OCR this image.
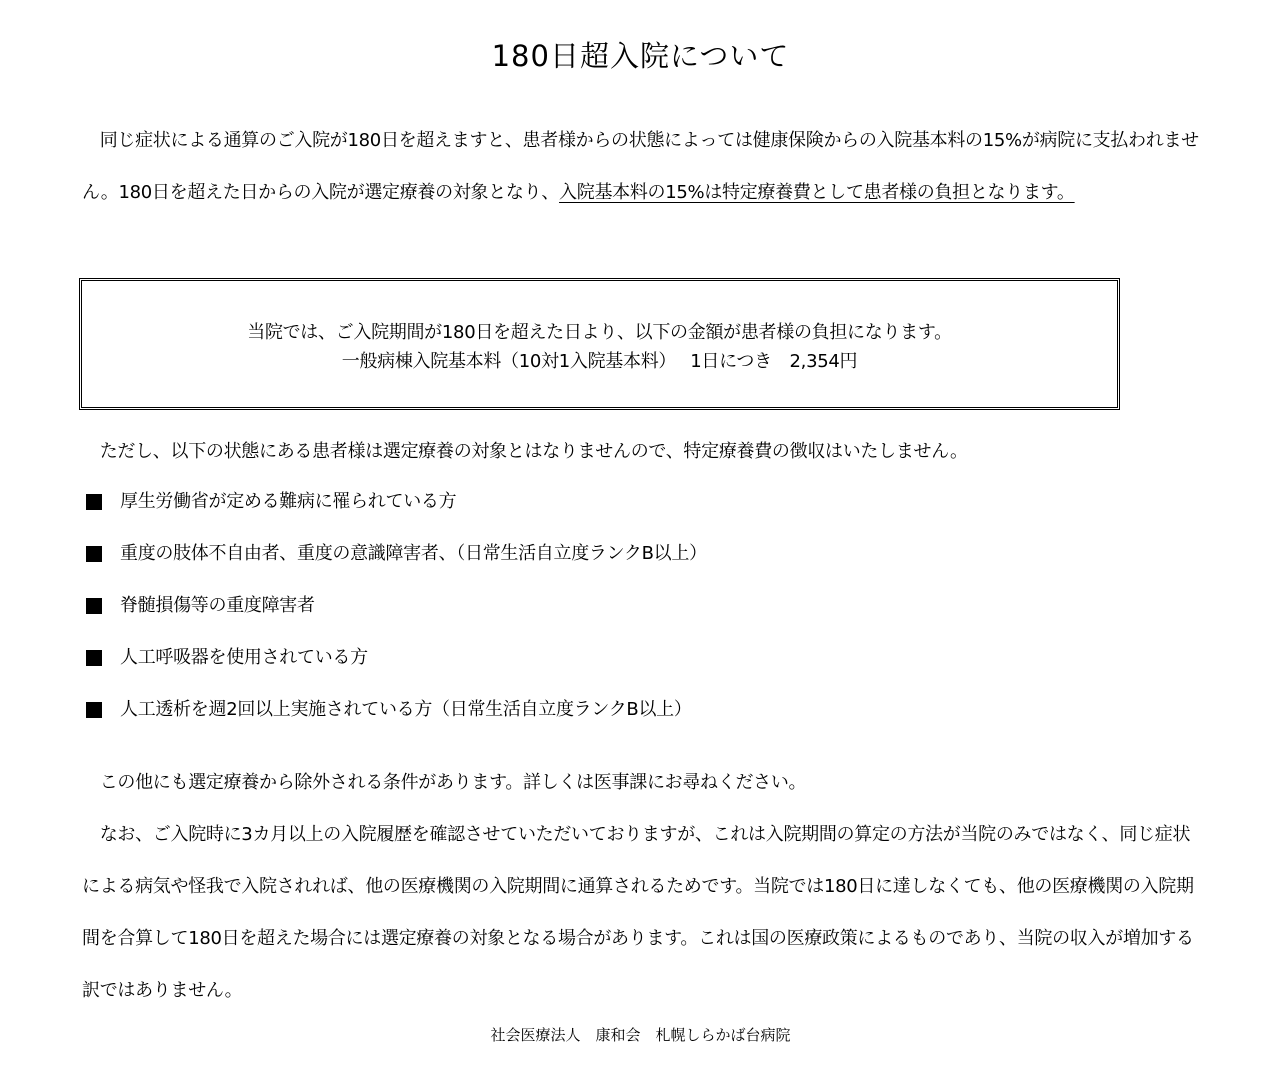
180日超入院について
　同じ症状による通算のご入院が180日を超えますと、患者様からの状態によっては健康保険からの入院基本料の15%が病院に支払われません。180日を超えた日からの入院が選定療養の対象となり、入院基本料の15%は特定療養費として患者様の負担となります。
当院では、ご入院期間が180日を超えた日より、以下の金額が患者様の負担になります。
一般病棟入院基本料（10対1入院基本料）　 1日につき　2,354円
　ただし、以下の状態にある患者様は選定療養の対象とはなりませんので、特定療養費の徴収はいたしません。
厚生労働省が定める難病に罹られている方
重度の肢体不自由者、重度の意識障害者、（日常生活自立度ランクB以上）
脊髄損傷等の重度障害者
人工呼吸器を使用されている方
人工透析を週2回以上実施されている方（日常生活自立度ランクB以上）
　この他にも選定療養から除外される条件があります。詳しくは医事課にお尋ねください。
　なお、ご入院時に3カ月以上の入院履歴を確認させていただいておりますが、これは入院期間の算定の方法が当院のみではなく、同じ症状による病気や怪我で入院されれば、他の医療機関の入院期間に通算されるためです。当院では180日に達しなくても、他の医療機関の入院期間を合算して180日を超えた場合には選定療養の対象となる場合があります。これは国の医療政策によるものであり、当院の収入が増加する訳ではありません。
社会医療法人　康和会　札幌しらかば台病院
